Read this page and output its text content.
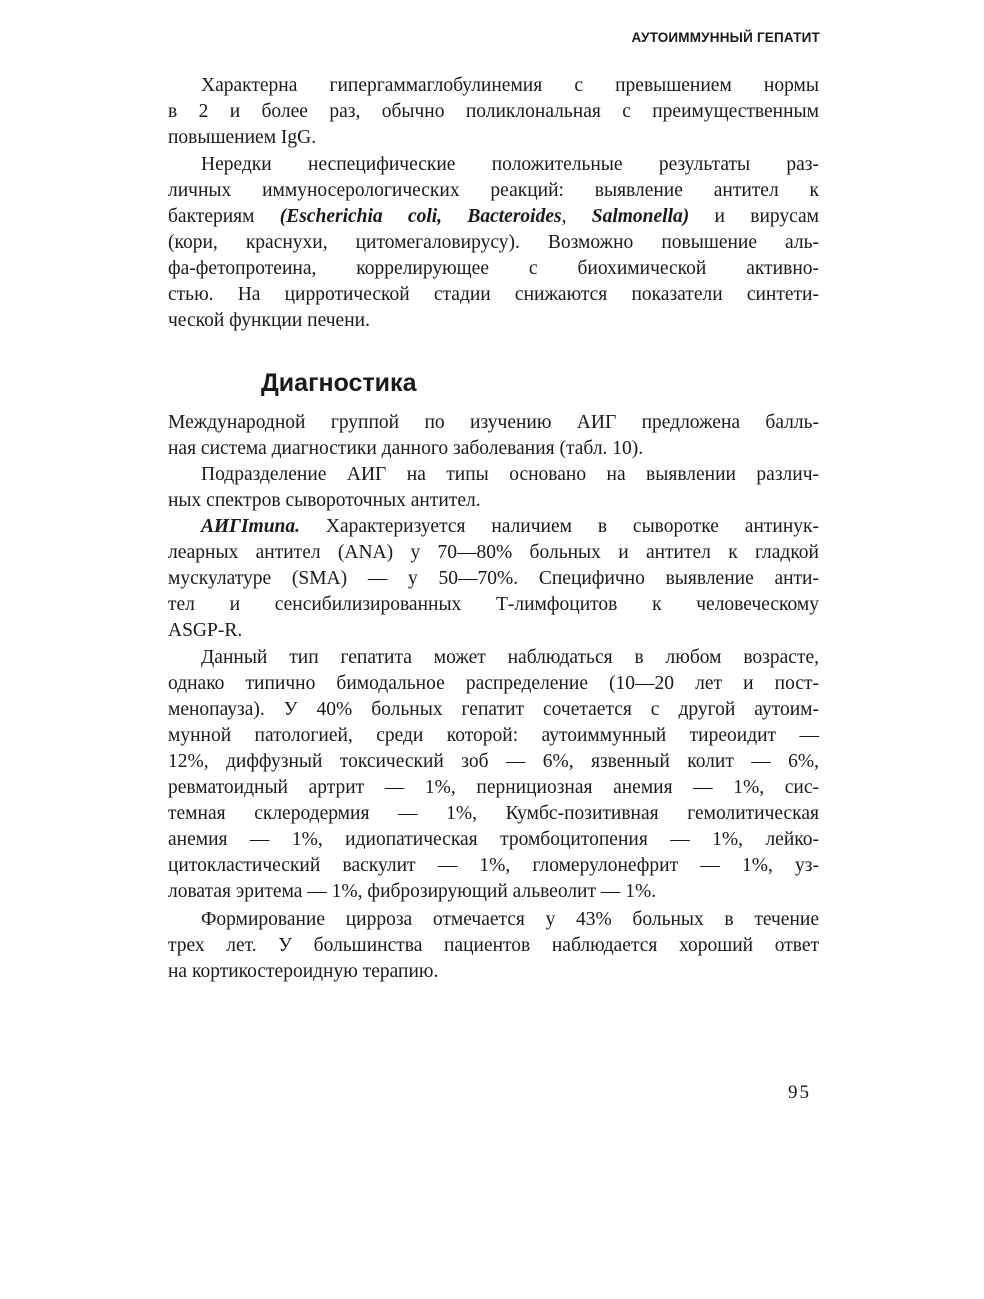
АУТОИММУННЫЙ ГЕПАТИТ
Характерна гипергаммаглобулинемия с превышением нормы
в 2 и более раз, обычно поликлональная с преимущественным
повышением IgG.
Нередки неспецифические положительные результаты раз-
личных иммуносерологических реакций: выявление антител к
бактериям (Escherichia coli, Bacteroides, Salmonella) и вирусам
(кори, краснухи, цитомегаловирусу). Возможно повышение аль-
фа-фетопротеина, коррелирующее с биохимической активно-
стью. На цирротической стадии снижаются показатели синтети-
ческой функции печени.
Диагностика
Международной группой по изучению АИГ предложена балль-
ная система диагностики данного заболевания (табл. 10).
Подразделение АИГ на типы основано на выявлении различ-
ных спектров сывороточных антител.
АИГIтипа. Характеризуется наличием в сыворотке антинук-
леарных антител (ANA) у 70—80% больных и антител к гладкой
мускулатуре (SMA) — у 50—70%. Специфично выявление анти-
тел и сенсибилизированных Т-лимфоцитов к человеческому
ASGP-R.
Данный тип гепатита может наблюдаться в любом возрасте,
однако типично бимодальное распределение (10—20 лет и пост-
менопауза). У 40% больных гепатит сочетается с другой аутоим-
мунной патологией, среди которой: аутоиммунный тиреоидит —
12%, диффузный токсический зоб — 6%, язвенный колит — 6%,
ревматоидный артрит — 1%, пернициозная анемия — 1%, сис-
темная склеродермия — 1%, Кумбс-позитивная гемолитическая
анемия — 1%, идиопатическая тромбоцитопения — 1%, лейко-
цитокластический васкулит — 1%, гломерулонефрит — 1%, уз-
ловатая эритема — 1%, фиброзирующий альвеолит — 1%.
Формирование цирроза отмечается у 43% больных в течение
трех лет. У большинства пациентов наблюдается хороший ответ
на кортикостероидную терапию.
95
